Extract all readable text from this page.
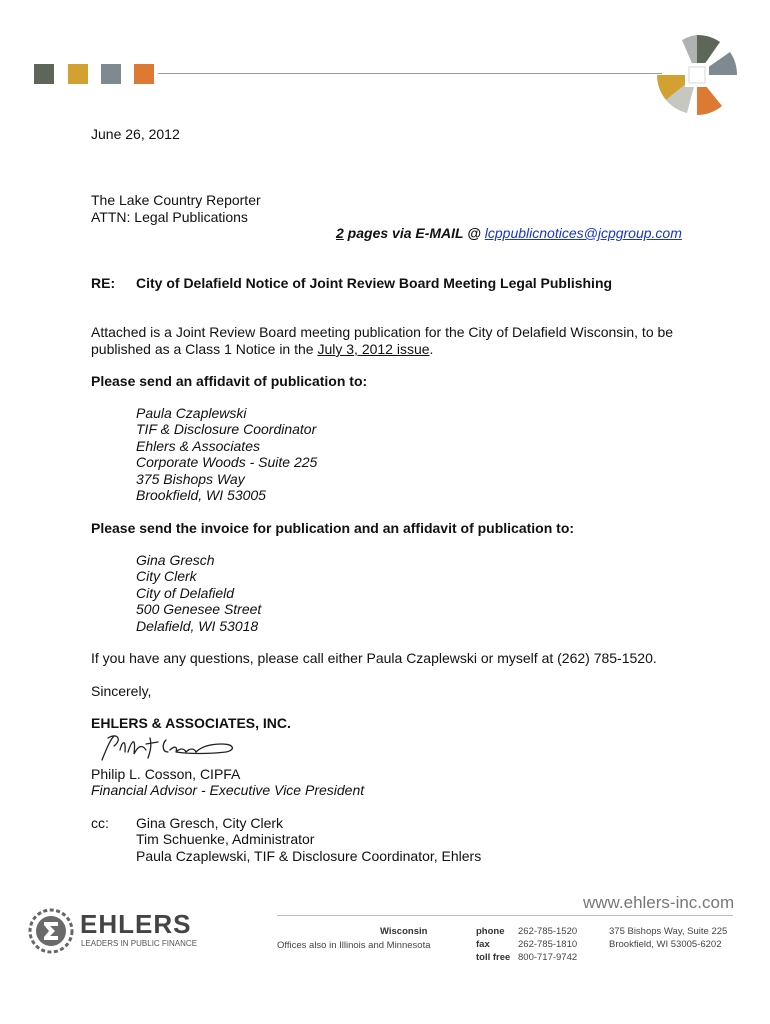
June 26, 2012
The Lake Country Reporter
ATTN: Legal Publications
2 pages via E-MAIL @ lcppublicnotices@jcpgroup.com
RE: City of Delafield Notice of Joint Review Board Meeting Legal Publishing
Attached is a Joint Review Board meeting publication for the City of Delafield Wisconsin, to be
published as a Class 1 Notice in the July 3, 2012 issue.
Please send an affidavit of publication to:
Paula Czaplewski
TIF & Disclosure Coordinator
Ehlers & Associates
Corporate Woods - Suite 225
375 Bishops Way
Brookfield, WI 53005
Please send the invoice for publication and an affidavit of publication to:
Gina Gresch
City Clerk
City of Delafield
500 Genesee Street
Delafield, WI 53018
If you have any questions, please call either Paula Czaplewski or myself at (262) 785-1520.
Sincerely,
EHLERS & ASSOCIATES, INC.
Philip L. Cosson, CIPFA
Financial Advisor - Executive Vice President
cc: Gina Gresch, City Clerk
Tim Schuenke, Administrator
Paula Czaplewski, TIF & Disclosure Coordinator, Ehlers
www.ehlers-inc.com
EHLERS
LEADERS IN PUBLIC FINANCE
Wisconsin
Offices also in Illinois and Minnesota
phone
fax
toll free
262-785-1520
262-785-1810
800-717-9742
375 Bishops Way, Suite 225
Brookfield, WI 53005-6202
